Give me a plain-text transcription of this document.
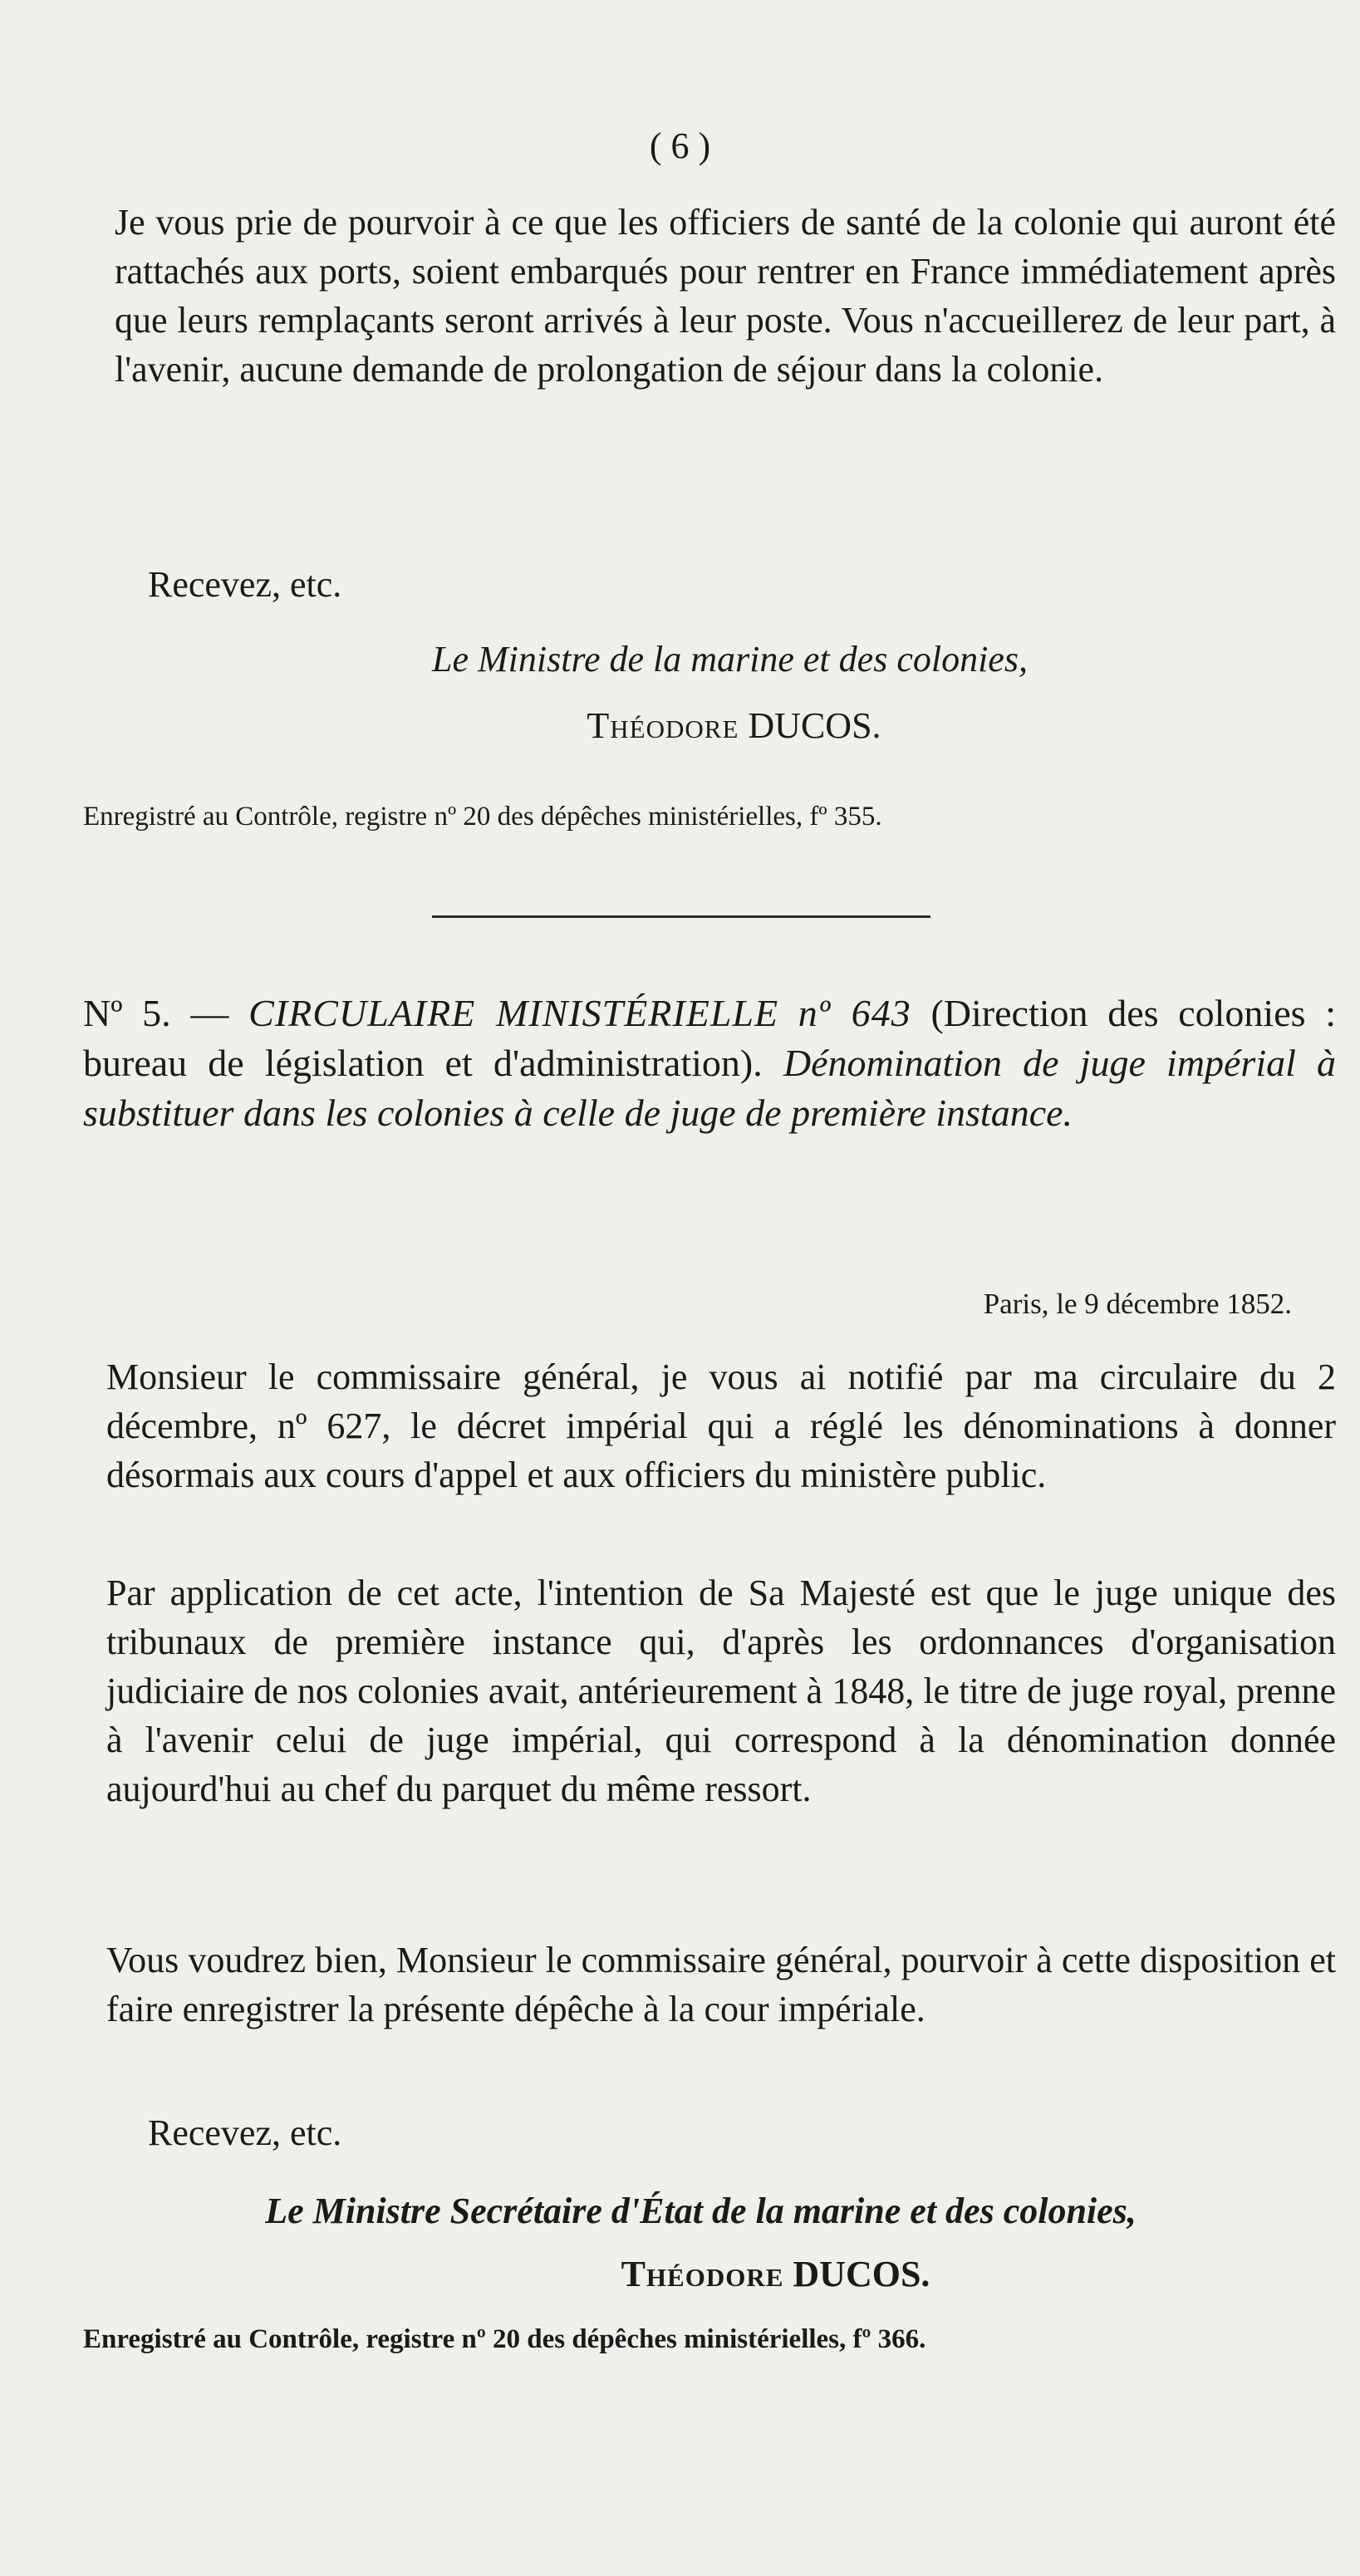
( 6 )
Je vous prie de pourvoir à ce que les officiers de santé de la colonie qui auront été rattachés aux ports, soient embarqués pour rentrer en France immédiatement après que leurs remplaçants seront arrivés à leur poste. Vous n'accueillerez de leur part, à l'avenir, aucune demande de prolongation de séjour dans la colonie.
Recevez, etc.
Le Ministre de la marine et des colonies,
Théodore DUCOS.
Enregistré au Contrôle, registre nº 20 des dépêches ministérielles, fº 355.
Nº 5. — CIRCULAIRE MINISTÉRIELLE nº 643 (Direction des colonies : bureau de législation et d'administration). Dénomination de juge impérial à substituer dans les colonies à celle de juge de première instance.
Paris, le 9 décembre 1852.
Monsieur le commissaire général, je vous ai notifié par ma circulaire du 2 décembre, nº 627, le décret impérial qui a réglé les dénominations à donner désormais aux cours d'appel et aux officiers du ministère public.
Par application de cet acte, l'intention de Sa Majesté est que le juge unique des tribunaux de première instance qui, d'après les ordonnances d'organisation judiciaire de nos colonies avait, antérieurement à 1848, le titre de juge royal, prenne à l'avenir celui de juge impérial, qui correspond à la dénomination donnée aujourd'hui au chef du parquet du même ressort.
Vous voudrez bien, Monsieur le commissaire général, pourvoir à cette disposition et faire enregistrer la présente dépêche à la cour impériale.
Recevez, etc.
Le Ministre Secrétaire d'État de la marine et des colonies,
Théodore DUCOS.
Enregistré au Contrôle, registre nº 20 des dépêches ministérielles, fº 366.
